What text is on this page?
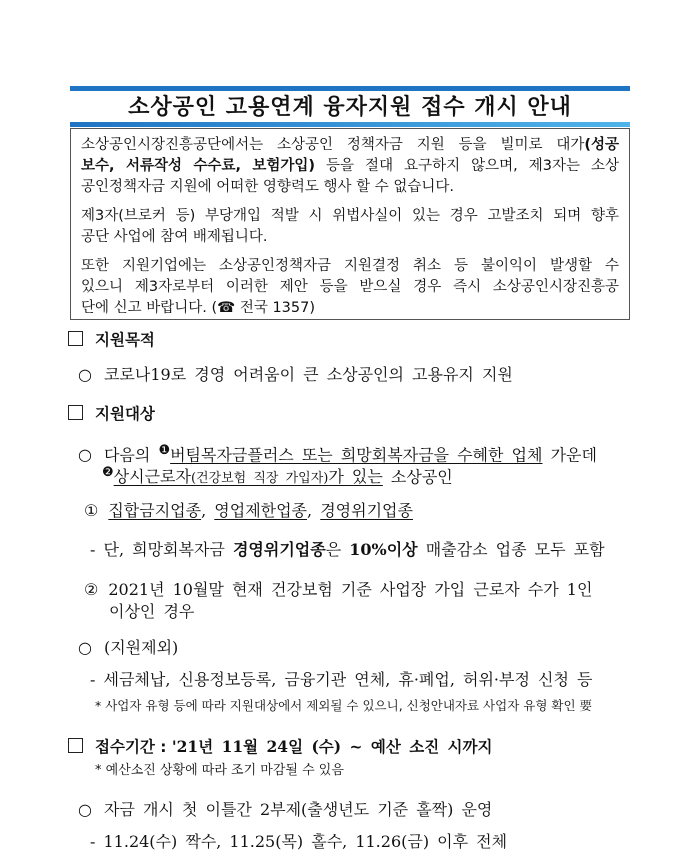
소상공인 고용연계 융자지원 접수 개시 안내
소상공인시장진흥공단에서는 소상공인 정책자금 지원 등을 빌미로 대가(성공
보수, 서류작성 수수료, 보험가입) 등을 절대 요구하지 않으며, 제3자는 소상
공인정책자금 지원에 어떠한 영향력도 행사 할 수 없습니다.
제3자(브로커 등) 부당개입 적발 시 위법사실이 있는 경우 고발조치 되며 향후
공단 사업에 참여 배제됩니다.
또한 지원기업에는 소상공인정책자금 지원결정 취소 등 불이익이 발생할 수
있으니 제3자로부터 이러한 제안 등을 받으실 경우 즉시 소상공인시장진흥공
단에 신고 바랍니다. (☎ 전국 1357)
지원목적
○ 코로나19로 경영 어려움이 큰 소상공인의 고용유지 지원
지원대상
○ 다음의 $^❶$버팀목자금플러스 또는 희망회복자금을 수혜한 업체 가운데
$^❷$상시근로자(건강보험 직장 가입자)가 있는 소상공인
① 집합금지업종, 영업제한업종, 경영위기업종
- 단, 희망회복자금 경영위기업종은 10%이상 매출감소 업종 모두 포함
② 2021년 10월말 현재 건강보험 기준 사업장 가입 근로자 수가 1인
이상인 경우
○ (지원제외)
- 세금체납, 신용정보등록, 금융기관 연체, 휴·폐업, 허위·부정 신청 등
* 사업자 유형 등에 따라 지원대상에서 제외될 수 있으니, 신청안내자료 사업자 유형 확인 要
접수기간 : '21년 11월 24일 (수) ~ 예산 소진 시까지
* 예산소진 상황에 따라 조기 마감될 수 있음
○ 자금 개시 첫 이틀간 2부제(출생년도 기준 홀짝) 운영
- 11.24(수) 짝수, 11.25(목) 홀수, 11.26(금) 이후 전체
